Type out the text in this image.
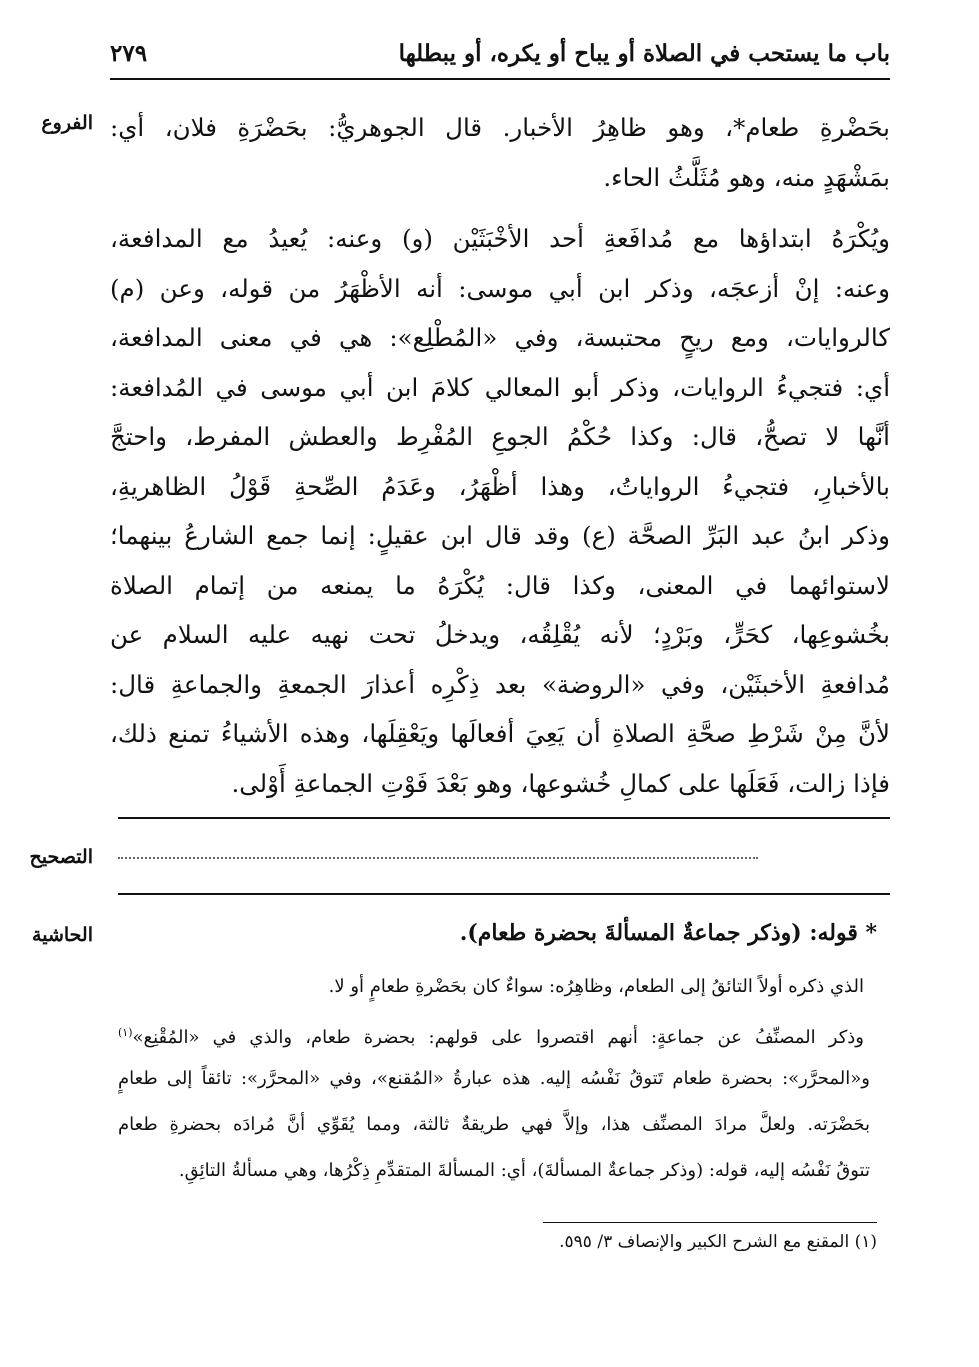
باب ما يستحب في الصلاة أو يباح أو يكره، أو يبطلها
٢٧٩
الفروع بحَضْرةِ طعام*، وهو ظاهِرُ الأخبار. قال الجوهريُّ: بحَضْرَةِ فلان، أي:
بمَشْهَدٍ منه، وهو مُثَلَّثُ الحاء.
ويُكْرَهُ ابتداؤها مع مُدافَعةِ أحد الأخْبَثَيْن (و) وعنه: يُعيدُ مع المدافعة،
وعنه: إنْ أزعجَه، وذكر ابن أبي موسى: أنه الأظْهَرُ من قوله، وعن (م)
كالروايات، ومع ريحٍ محتبسة، وفي «المُطْلِع»: هي في معنى المدافعة،
أي: فتجيءُ الروايات، وذكر أبو المعالي كلامَ ابن أبي موسى في المُدافعة:
أنَّها لا تصحُّ، قال: وكذا حُكْمُ الجوعِ المُفْرِط والعطش المفرط، واحتجَّ
بالأخبارِ، فتجيءُ الرواياتُ، وهذا أظْهَرُ، وعَدَمُ الصِّحةِ قَوْلُ الظاهريةِ،
وذكر ابنُ عبد البَرِّ الصحَّة (ع) وقد قال ابن عقيلٍ: إنما جمع الشارعُ بينهما؛
لاستوائهما في المعنى، وكذا قال: يُكْرَهُ ما يمنعه من إتمام الصلاة
بخُشوعِها، كحَرٍّ، وبَرْدٍ؛ لأنه يُقْلِقُه، ويدخلُ تحت نهيه عليه السلام عن
مُدافعةِ الأخبثَيْن، وفي «الروضة» بعد ذِكْرِه أعذارَ الجمعةِ والجماعةِ قال:
لأنَّ مِنْ شَرْطِ صحَّةِ الصلاةِ أن يَعِيَ أفعالَها ويَعْقِلَها، وهذه الأشياءُ تمنع ذلك،
فإذا زالت، فَعَلَها على كمالِ خُشوعها، وهو بَعْدَ فَوْتِ الجماعةِ أَوْلى.
التصحيح
الحاشية	* قوله: (وذكر جماعةٌ المسألةَ بحضرة طعام).
الذي ذكره أولاً التائقُ إلى الطعام، وظاهِرُه: سواءٌ كان بحَضْرةِ طعامٍ أو لا.
وذكر المصنِّفُ عن جماعةٍ: أنهم اقتصروا على قولهم: بحضرة طعام، والذي في «المُقْنِع»$^{(١)}$
و«المحرَّر»: بحضرة طعام تَتوقُ نَفْسُه إليه. هذه عبارةُ «المُقنع»، وفي «المحرَّر»: تائقاً إلى طعامٍ
بحَضْرَته. ولعلَّ مرادَ المصنِّف هذا، وإلاَّ فهي طريقةٌ ثالثة، ومما يُقَوِّي أنَّ مُرادَه بحضرةِ طعام
تتوقُ نَفْسُه إليه، قوله: (وذكر جماعةٌ المسألةَ)، أي: المسألةَ المتقدِّمِ ذِكْرُها، وهي مسألةُ التائِقِ.
(١) المقنع مع الشرح الكبير والإنصاف ٣/ ٥٩٥.
